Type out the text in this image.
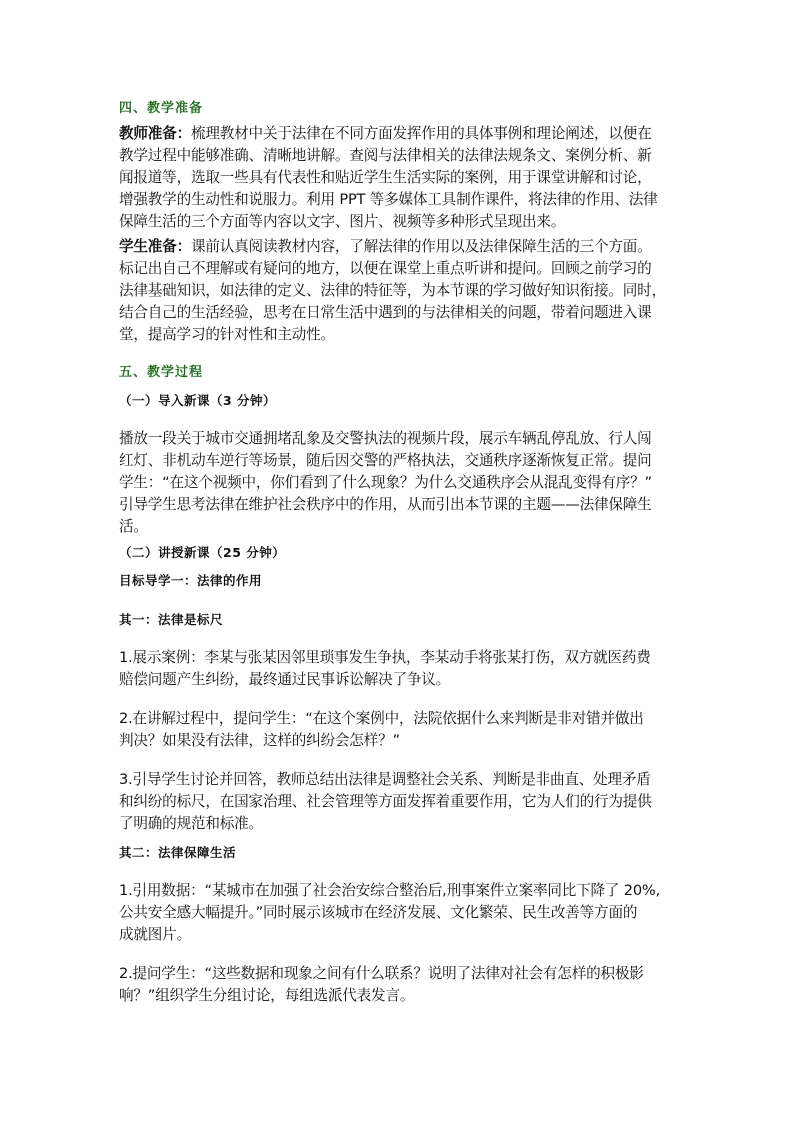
四、教学准备

教师准备：梳理教材中关于法律在不同方面发挥作用的具体事例和理论阐述，以便在

教学过程中能够准确、清晰地讲解。查阅与法律相关的法律法规条文、案例分析、新

闻报道等，选取一些具有代表性和贴近学生生活实际的案例，用于课堂讲解和讨论，

增强教学的生动性和说服力。利用 PPT 等多媒体工具制作课件，将法律的作用、法律

保障生活的三个方面等内容以文字、图片、视频等多种形式呈现出来。

学生准备：课前认真阅读教材内容，了解法律的作用以及法律保障生活的三个方面。

标记出自己不理解或有疑问的地方，以便在课堂上重点听讲和提问。回顾之前学习的

法律基础知识，如法律的定义、法律的特征等，为本节课的学习做好知识衔接。同时，

结合自己的生活经验，思考在日常生活中遇到的与法律相关的问题，带着问题进入课

堂，提高学习的针对性和主动性。

五、教学过程

（一）导入新课（3 分钟）

播放一段关于城市交通拥堵乱象及交警执法的视频片段，展示车辆乱停乱放、行人闯

红灯、非机动车逆行等场景，随后因交警的严格执法，交通秩序逐渐恢复正常。提问

学生：“在这个视频中，你们看到了什么现象？为什么交通秩序会从混乱变得有序？”

引导学生思考法律在维护社会秩序中的作用，从而引出本节课的主题——法律保障生

活。

（二）讲授新课（25 分钟）

目标导学一：法律的作用

其一：法律是标尺

1.展示案例：李某与张某因邻里琐事发生争执，李某动手将张某打伤，双方就医药费

赔偿问题产生纠纷，最终通过民事诉讼解决了争议。

2.在讲解过程中，提问学生：“在这个案例中，法院依据什么来判断是非对错并做出

判决？如果没有法律，这样的纠纷会怎样？”

3.引导学生讨论并回答，教师总结出法律是调整社会关系、判断是非曲直、处理矛盾

和纠纷的标尺，在国家治理、社会管理等方面发挥着重要作用，它为人们的行为提供

了明确的规范和标准。

其二：法律保障生活

1.引用数据：“某城市在加强了社会治安综合整治后,刑事案件立案率同比下降了 20%,

公共安全感大幅提升。”同时展示该城市在经济发展、文化繁荣、民生改善等方面的

成就图片。

2.提问学生：“这些数据和现象之间有什么联系？说明了法律对社会有怎样的积极影

响？”组织学生分组讨论，每组选派代表发言。
